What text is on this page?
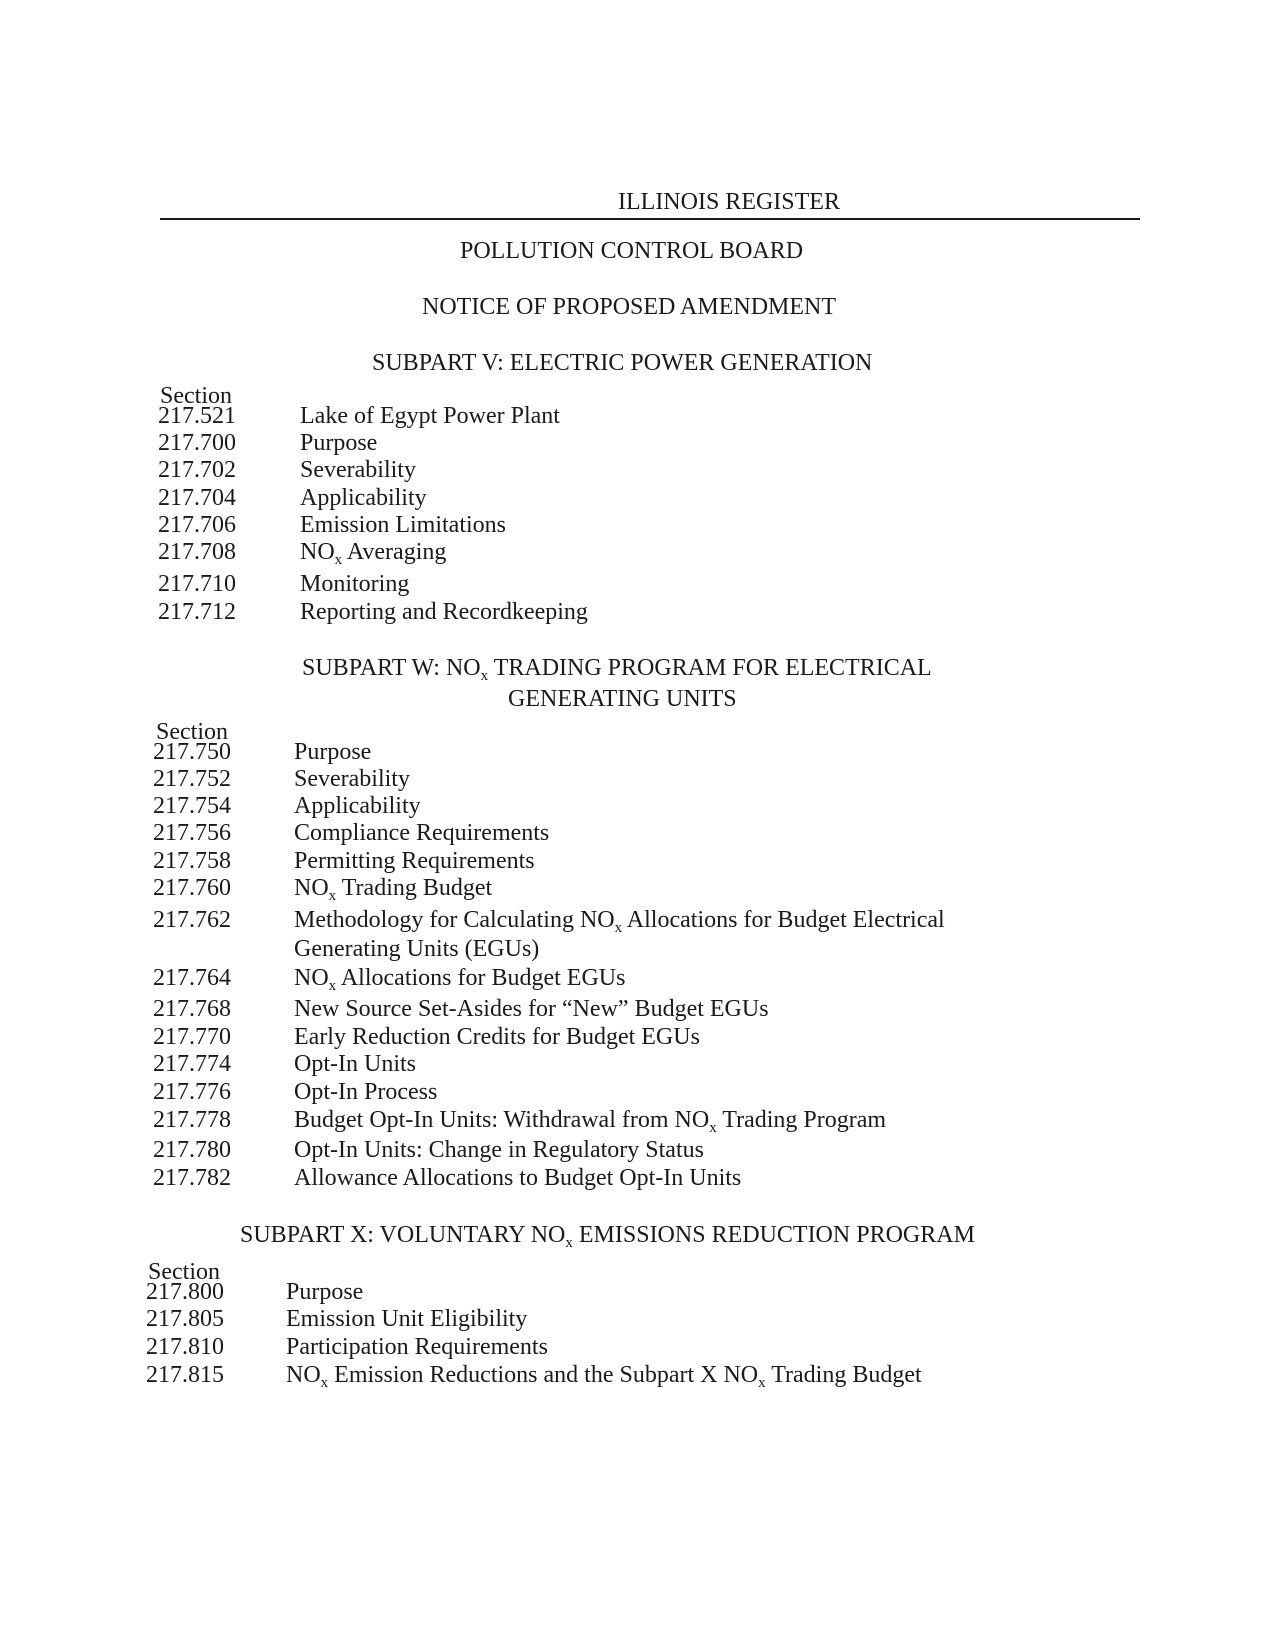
ILLINOIS REGISTER
POLLUTION CONTROL BOARD
NOTICE OF PROPOSED AMENDMENT
SUBPART V: ELECTRIC POWER GENERATION
Section
217.521	Lake of Egypt Power Plant
217.700	Purpose
217.702	Severability
217.704	Applicability
217.706	Emission Limitations
217.708	$NO_x$ Averaging
217.710	Monitoring
217.712	Reporting and Recordkeeping
SUBPART W: $NO_x$ TRADING PROGRAM FOR ELECTRICAL
GENERATING UNITS
Section
217.750	Purpose
217.752	Severability
217.754	Applicability
217.756	Compliance Requirements
217.758	Permitting Requirements
217.760	$NO_x$ Trading Budget
217.762	Methodology for Calculating $NO_x$ Allocations for Budget Electrical
Generating Units (EGUs)
217.764	$NO_x$ Allocations for Budget EGUs
217.768	New Source Set-Asides for “New” Budget EGUs
217.770	Early Reduction Credits for Budget EGUs
217.774	Opt-In Units
217.776	Opt-In Process
217.778	Budget Opt-In Units: Withdrawal from $NO_x$ Trading Program
217.780	Opt-In Units: Change in Regulatory Status
217.782	Allowance Allocations to Budget Opt-In Units
SUBPART X: VOLUNTARY $NO_x$ EMISSIONS REDUCTION PROGRAM
Section
217.800	Purpose
217.805	Emission Unit Eligibility
217.810	Participation Requirements
217.815	$NO_x$ Emission Reductions and the Subpart X $NO_x$ Trading Budget
